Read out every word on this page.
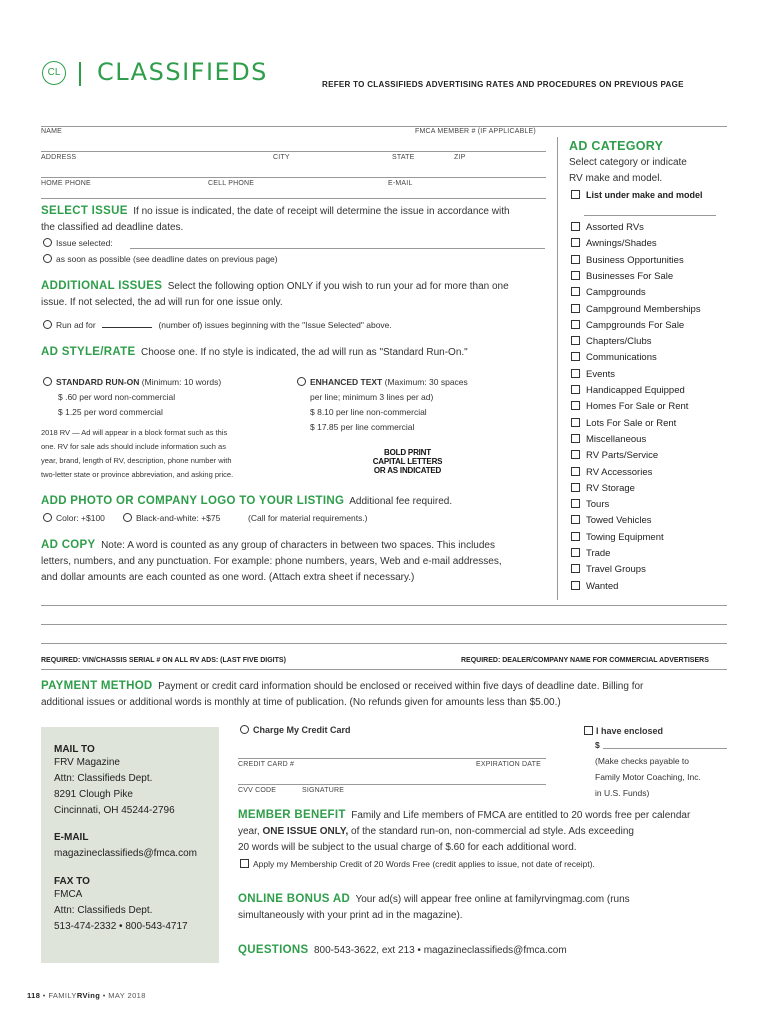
CL CLASSIFIEDS	REFER TO CLASSIFIEDS ADVERTISING RATES AND PROCEDURES ON PREVIOUS PAGE
NAME	FMCA MEMBER # (IF APPLICABLE)
ADDRESS	CITY	STATE	ZIP
HOME PHONE	CELL PHONE	E-MAIL
SELECT ISSUE If no issue is indicated, the date of receipt will determine the issue in accordance with
the classified ad deadline dates.
Issue selected:
as soon as possible (see deadline dates on previous page)
ADDITIONAL ISSUES Select the following option ONLY if you wish to run your ad for more than one
issue. If not selected, the ad will run for one issue only.
Run ad for	(number of) issues beginning with the "Issue Selected" above.
AD STYLE/RATE Choose one. If no style is indicated, the ad will run as "Standard Run-On."
STANDARD RUN-ON (Minimum: 10 words)
$ .60 per word non-commercial
$ 1.25 per word commercial
2018 RV — Ad will appear in a block format such as this
one. RV for sale ads should include information such as
year, brand, length of RV, description, phone number with
two-letter state or province abbreviation, and asking price.
ENHANCED TEXT (Maximum: 30 spaces
per line; minimum 3 lines per ad)
$ 8.10 per line non-commercial
$ 17.85 per line commercial
BOLD PRINT
CAPITAL LETTERS
OR AS INDICATED
ADD PHOTO OR COMPANY LOGO TO YOUR LISTING Additional fee required.
Color: +$100	Black-and-white: +$75	(Call for material requirements.)
AD COPY Note: A word is counted as any group of characters in between two spaces. This includes
letters, numbers, and any punctuation. For example: phone numbers, years, Web and e-mail addresses,
and dollar amounts are each counted as one word. (Attach extra sheet if necessary.)
AD CATEGORY
Select category or indicate
RV make and model.
List under make and model
Assorted RVs
Awnings/Shades
Business Opportunities
Businesses For Sale
Campgrounds
Campground Memberships
Campgrounds For Sale
Chapters/Clubs
Communications
Events
Handicapped Equipped
Homes For Sale or Rent
Lots For Sale or Rent
Miscellaneous
RV Parts/Service
RV Accessories
RV Storage
Tours
Towed Vehicles
Towing Equipment
Trade
Travel Groups
Wanted
REQUIRED: VIN/CHASSIS SERIAL # ON ALL RV ADS: (LAST FIVE DIGITS)	REQUIRED: DEALER/COMPANY NAME FOR COMMERCIAL ADVERTISERS
PAYMENT METHOD Payment or credit card information should be enclosed or received within five days of deadline date. Billing for
additional issues or additional words is monthly at time of publication. (No refunds given for amounts less than $5.00.)
Charge My Credit Card
CREDIT CARD #	EXPIRATION DATE
CVV CODE	SIGNATURE
I have enclosed
$
(Make checks payable to
Family Motor Coaching, Inc.
in U.S. Funds)
MAIL TO
FRV Magazine
Attn: Classifieds Dept.
8291 Clough Pike
Cincinnati, OH 45244-2796
E-MAIL
magazineclassifieds@fmca.com
FAX TO
FMCA
Attn: Classifieds Dept.
513-474-2332 • 800-543-4717
MEMBER BENEFIT Family and Life members of FMCA are entitled to 20 words free per calendar
year, ONE ISSUE ONLY, of the standard run-on, non-commercial ad style. Ads exceeding
20 words will be subject to the usual charge of $.60 for each additional word.
Apply my Membership Credit of 20 Words Free (credit applies to issue, not date of receipt).
ONLINE BONUS AD Your ad(s) will appear free online at familyrvingmag.com (runs
simultaneously with your print ad in the magazine).
QUESTIONS 800-543-3622, ext 213 • magazineclassifieds@fmca.com
118 • FAMILYRVing • MAY 2018
